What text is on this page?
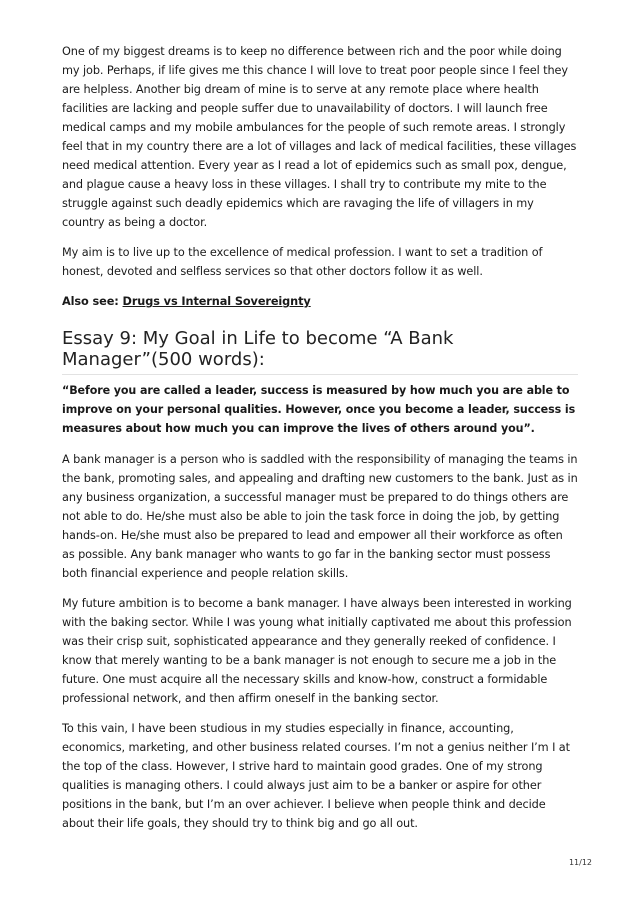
One of my biggest dreams is to keep no difference between rich and the poor while doing my job. Perhaps, if life gives me this chance I will love to treat poor people since I feel they are helpless. Another big dream of mine is to serve at any remote place where health facilities are lacking and people suffer due to unavailability of doctors. I will launch free medical camps and my mobile ambulances for the people of such remote areas. I strongly feel that in my country there are a lot of villages and lack of medical facilities, these villages need medical attention. Every year as I read a lot of epidemics such as small pox, dengue, and plague cause a heavy loss in these villages. I shall try to contribute my mite to the struggle against such deadly epidemics which are ravaging the life of villagers in my country as being a doctor.

My aim is to live up to the excellence of medical profession. I want to set a tradition of honest, devoted and selfless services so that other doctors follow it as well.

Also see: Drugs vs Internal Sovereignty

Essay 9: My Goal in Life to become “A Bank Manager”(500 words):

“Before you are called a leader, success is measured by how much you are able to improve on your personal qualities. However, once you become a leader, success is measures about how much you can improve the lives of others around you”.

A bank manager is a person who is saddled with the responsibility of managing the teams in the bank, promoting sales, and appealing and drafting new customers to the bank. Just as in any business organization, a successful manager must be prepared to do things others are not able to do. He/she must also be able to join the task force in doing the job, by getting hands-on. He/she must also be prepared to lead and empower all their workforce as often as possible. Any bank manager who wants to go far in the banking sector must possess both financial experience and people relation skills.

My future ambition is to become a bank manager. I have always been interested in working with the baking sector. While I was young what initially captivated me about this profession was their crisp suit, sophisticated appearance and they generally reeked of confidence. I know that merely wanting to be a bank manager is not enough to secure me a job in the future. One must acquire all the necessary skills and know-how, construct a formidable professional network, and then affirm oneself in the banking sector.

To this vain, I have been studious in my studies especially in finance, accounting, economics, marketing, and other business related courses. I’m not a genius neither I’m I at the top of the class. However, I strive hard to maintain good grades. One of my strong qualities is managing others. I could always just aim to be a banker or aspire for other positions in the bank, but I’m an over achiever. I believe when people think and decide about their life goals, they should try to think big and go all out.

11/12
